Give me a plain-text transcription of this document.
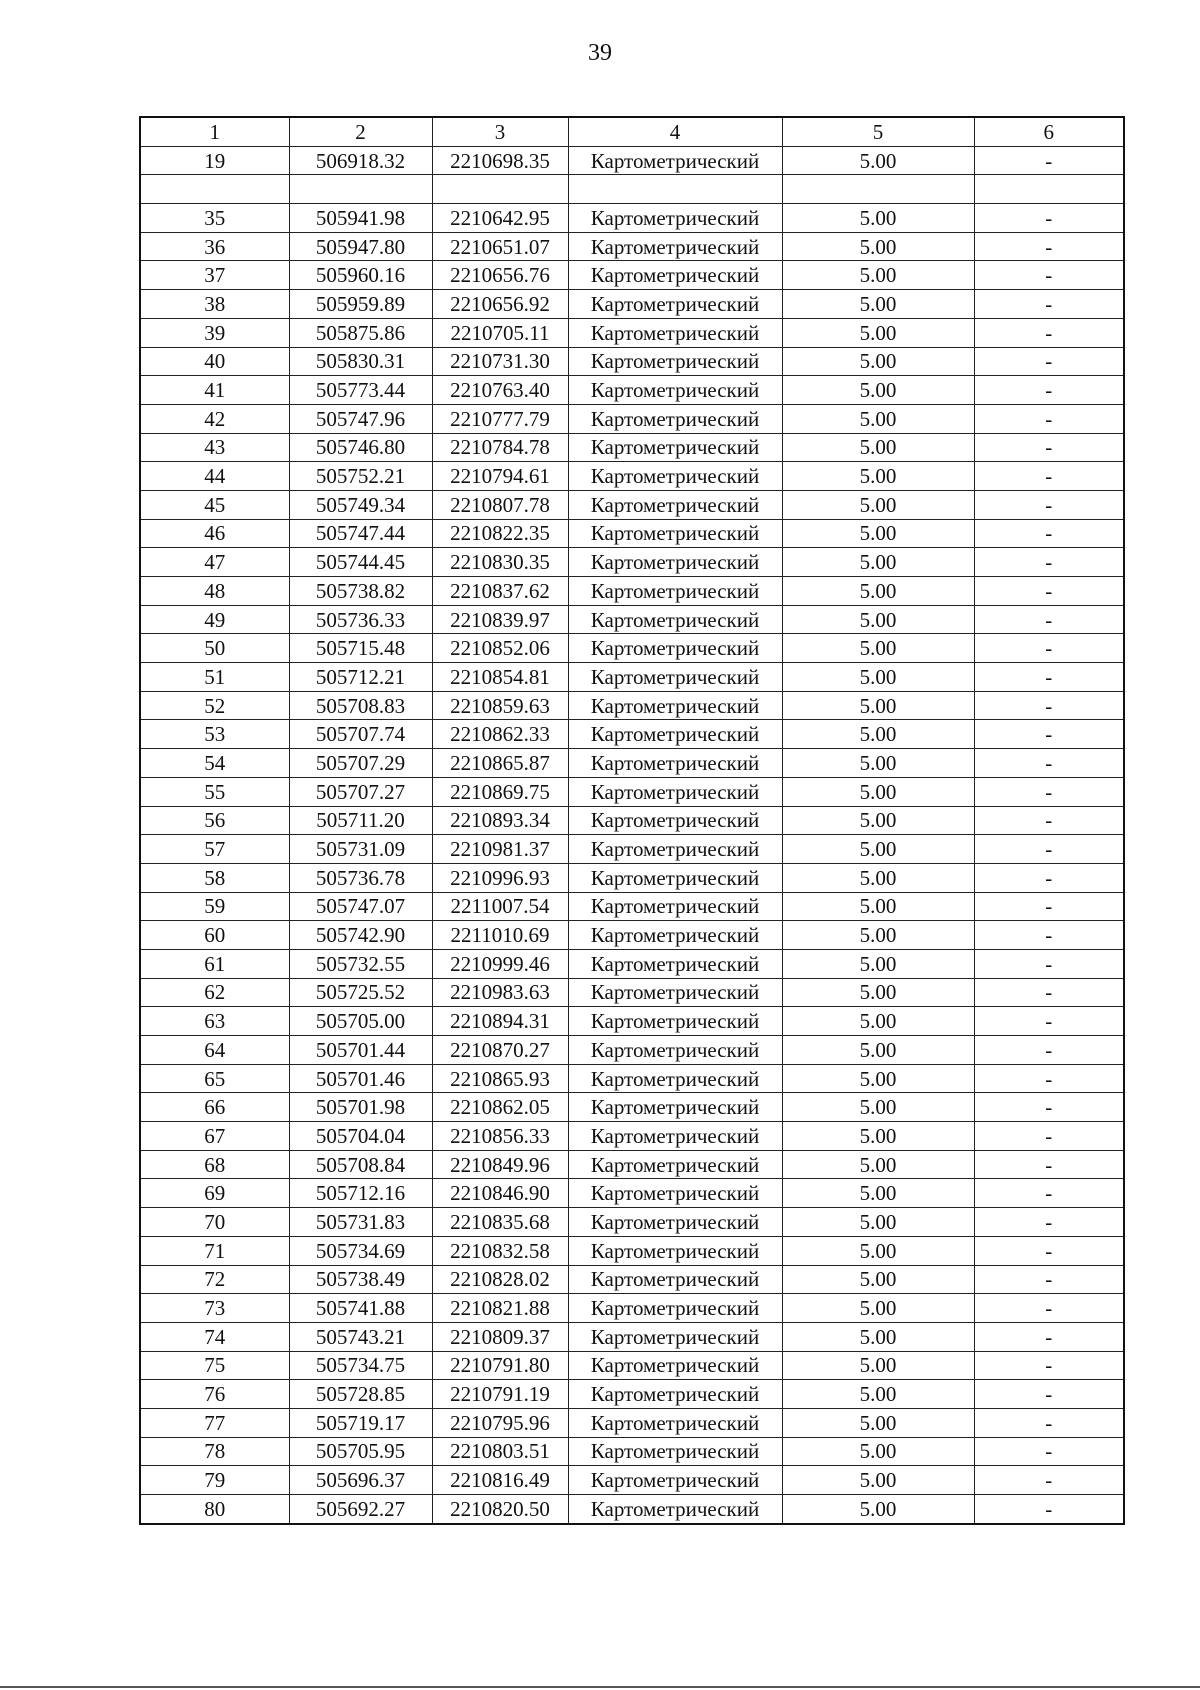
39
1	2	3	4	5	6
19	506918.32	2210698.35	Картометрический	5.00	-

35	505941.98	2210642.95	Картометрический	5.00	-
36	505947.80	2210651.07	Картометрический	5.00	-
37	505960.16	2210656.76	Картометрический	5.00	-
38	505959.89	2210656.92	Картометрический	5.00	-
39	505875.86	2210705.11	Картометрический	5.00	-
40	505830.31	2210731.30	Картометрический	5.00	-
41	505773.44	2210763.40	Картометрический	5.00	-
42	505747.96	2210777.79	Картометрический	5.00	-
43	505746.80	2210784.78	Картометрический	5.00	-
44	505752.21	2210794.61	Картометрический	5.00	-
45	505749.34	2210807.78	Картометрический	5.00	-
46	505747.44	2210822.35	Картометрический	5.00	-
47	505744.45	2210830.35	Картометрический	5.00	-
48	505738.82	2210837.62	Картометрический	5.00	-
49	505736.33	2210839.97	Картометрический	5.00	-
50	505715.48	2210852.06	Картометрический	5.00	-
51	505712.21	2210854.81	Картометрический	5.00	-
52	505708.83	2210859.63	Картометрический	5.00	-
53	505707.74	2210862.33	Картометрический	5.00	-
54	505707.29	2210865.87	Картометрический	5.00	-
55	505707.27	2210869.75	Картометрический	5.00	-
56	505711.20	2210893.34	Картометрический	5.00	-
57	505731.09	2210981.37	Картометрический	5.00	-
58	505736.78	2210996.93	Картометрический	5.00	-
59	505747.07	2211007.54	Картометрический	5.00	-
60	505742.90	2211010.69	Картометрический	5.00	-
61	505732.55	2210999.46	Картометрический	5.00	-
62	505725.52	2210983.63	Картометрический	5.00	-
63	505705.00	2210894.31	Картометрический	5.00	-
64	505701.44	2210870.27	Картометрический	5.00	-
65	505701.46	2210865.93	Картометрический	5.00	-
66	505701.98	2210862.05	Картометрический	5.00	-
67	505704.04	2210856.33	Картометрический	5.00	-
68	505708.84	2210849.96	Картометрический	5.00	-
69	505712.16	2210846.90	Картометрический	5.00	-
70	505731.83	2210835.68	Картометрический	5.00	-
71	505734.69	2210832.58	Картометрический	5.00	-
72	505738.49	2210828.02	Картометрический	5.00	-
73	505741.88	2210821.88	Картометрический	5.00	-
74	505743.21	2210809.37	Картометрический	5.00	-
75	505734.75	2210791.80	Картометрический	5.00	-
76	505728.85	2210791.19	Картометрический	5.00	-
77	505719.17	2210795.96	Картометрический	5.00	-
78	505705.95	2210803.51	Картометрический	5.00	-
79	505696.37	2210816.49	Картометрический	5.00	-
80	505692.27	2210820.50	Картометрический	5.00	-
